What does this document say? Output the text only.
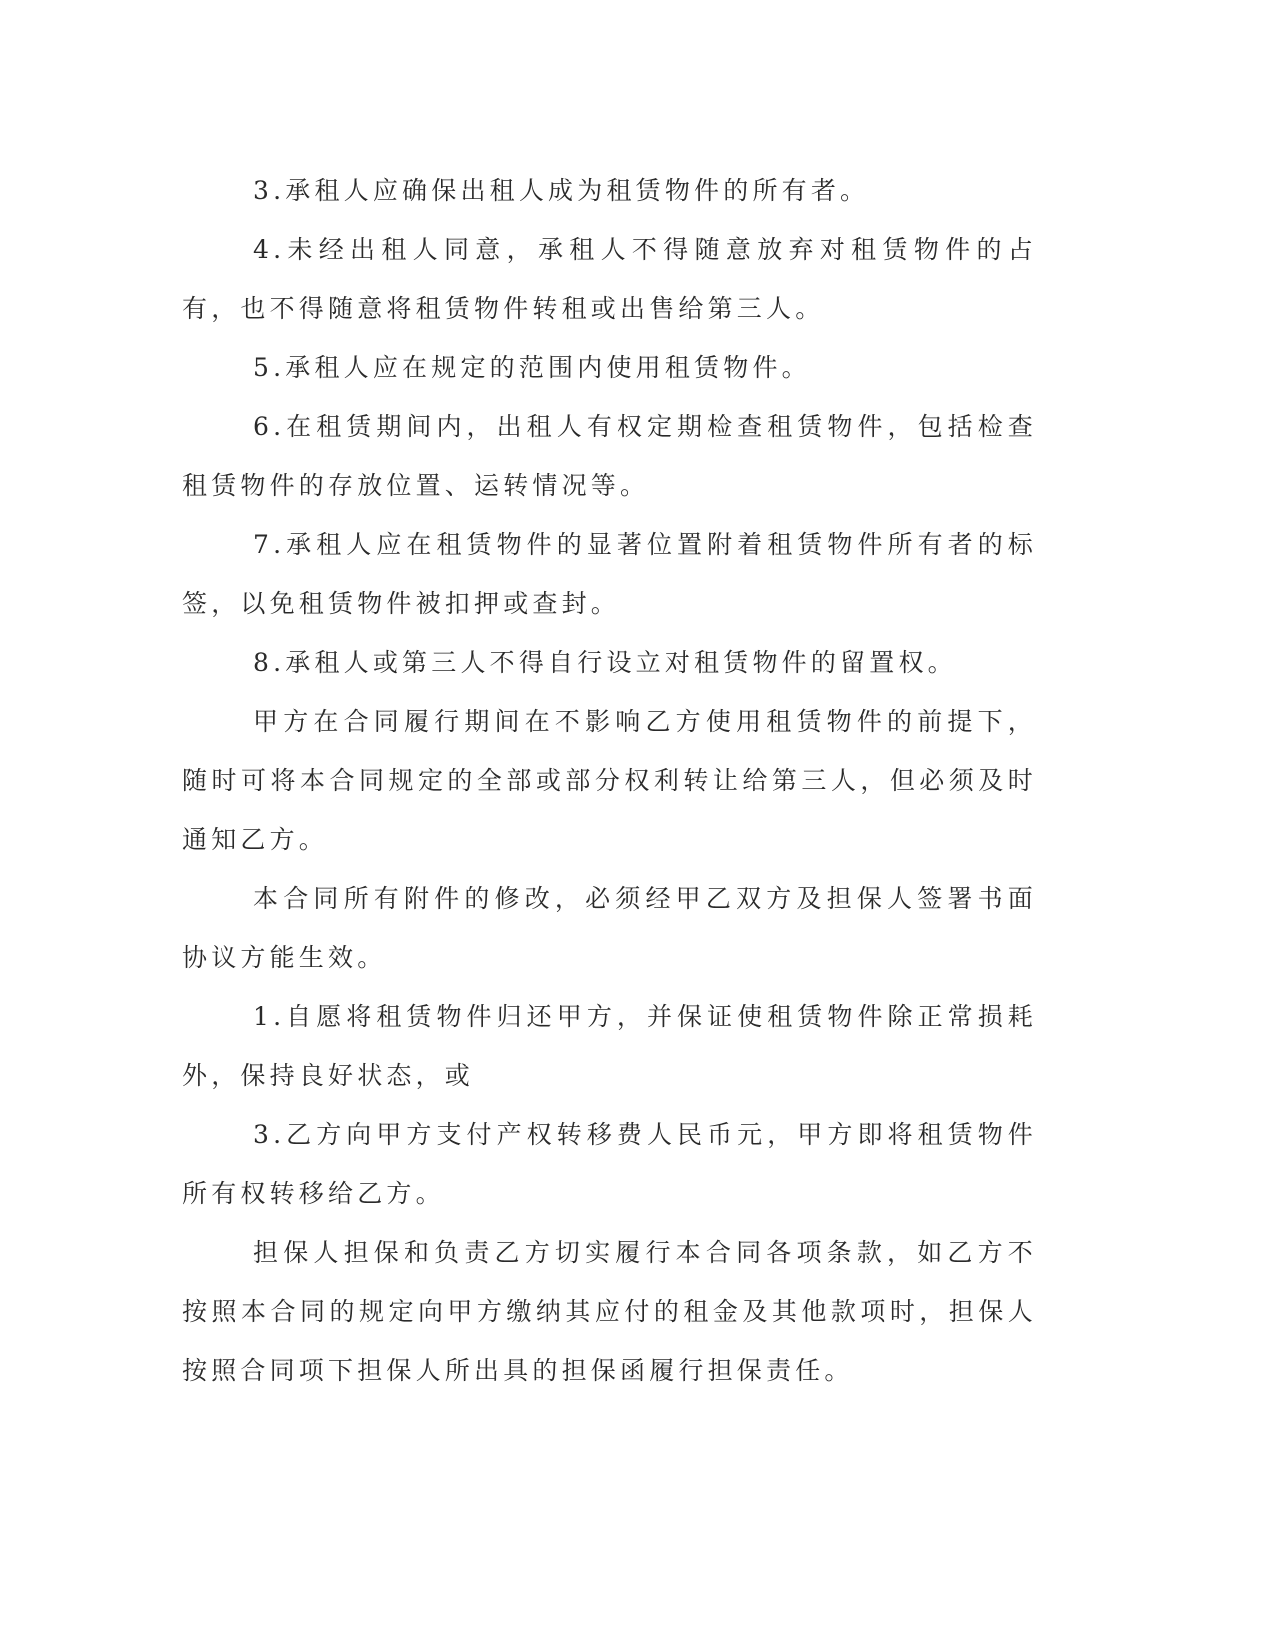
3.承租人应确保出租人成为租赁物件的所有者。

4.未经出租人同意，承租人不得随意放弃对租赁物件的占有，也不得随意将租赁物件转租或出售给第三人。

5.承租人应在规定的范围内使用租赁物件。

6.在租赁期间内，出租人有权定期检查租赁物件，包括检查租赁物件的存放位置、运转情况等。

7.承租人应在租赁物件的显著位置附着租赁物件所有者的标签，以免租赁物件被扣押或查封。

8.承租人或第三人不得自行设立对租赁物件的留置权。

甲方在合同履行期间在不影响乙方使用租赁物件的前提下，随时可将本合同规定的全部或部分权利转让给第三人，但必须及时通知乙方。

本合同所有附件的修改，必须经甲乙双方及担保人签署书面协议方能生效。

1.自愿将租赁物件归还甲方，并保证使租赁物件除正常损耗外，保持良好状态，或

3.乙方向甲方支付产权转移费人民币元，甲方即将租赁物件所有权转移给乙方。

担保人担保和负责乙方切实履行本合同各项条款，如乙方不按照本合同的规定向甲方缴纳其应付的租金及其他款项时，担保人按照合同项下担保人所出具的担保函履行担保责任。
